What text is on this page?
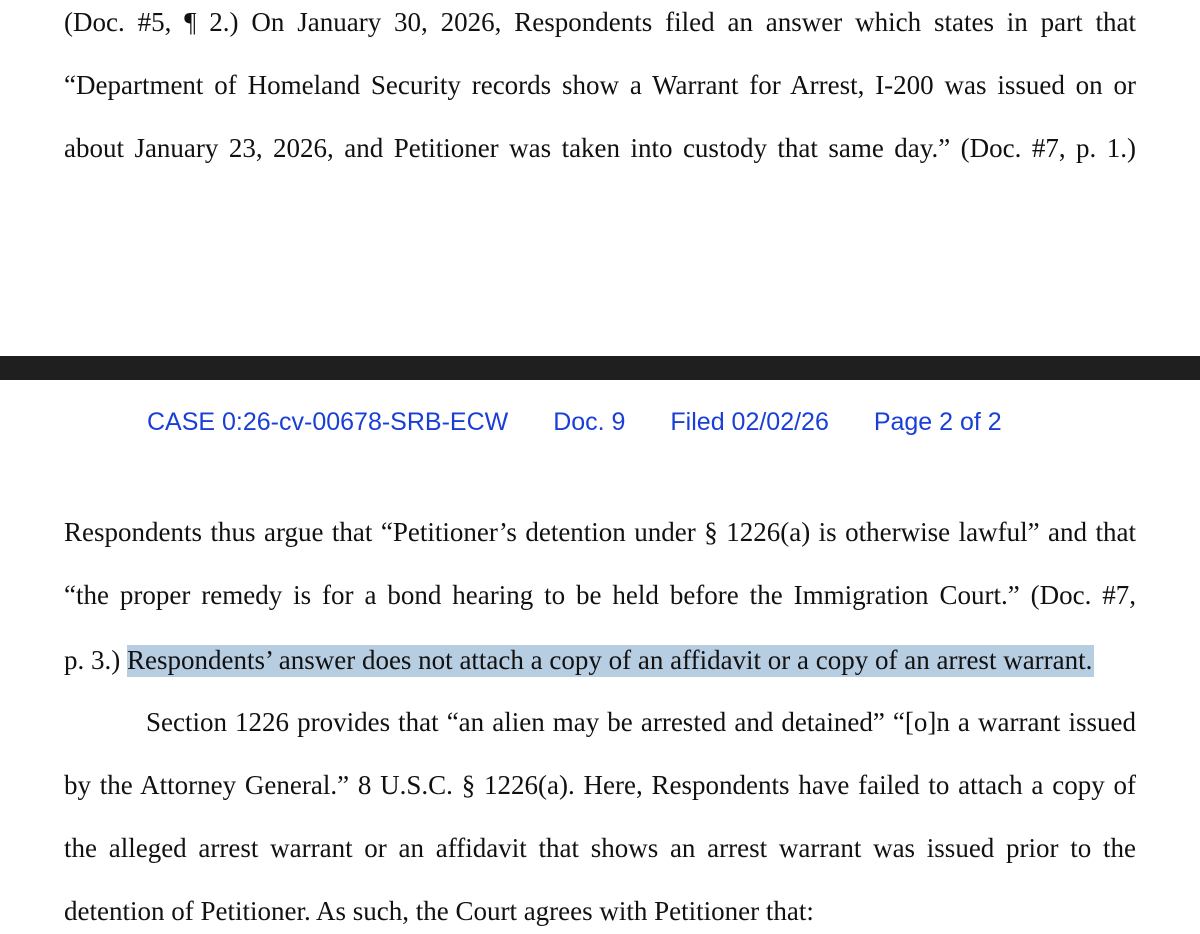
(Doc. #5, ¶ 2.) On January 30, 2026, Respondents filed an answer which states in part that
“Department of Homeland Security records show a Warrant for Arrest, I-200 was issued on or
about January 23, 2026, and Petitioner was taken into custody that same day.” (Doc. #7, p. 1.)
CASE 0:26-cv-00678-SRB-ECW Doc. 9 Filed 02/02/26 Page 2 of 2
Respondents thus argue that “Petitioner’s detention under § 1226(a) is otherwise lawful” and that
“the proper remedy is for a bond hearing to be held before the Immigration Court.” (Doc. #7,
p. 3.) Respondents’ answer does not attach a copy of an affidavit or a copy of an arrest warrant.
Section 1226 provides that “an alien may be arrested and detained” “[o]n a warrant issued
by the Attorney General.” 8 U.S.C. § 1226(a). Here, Respondents have failed to attach a copy of
the alleged arrest warrant or an affidavit that shows an arrest warrant was issued prior to the
detention of Petitioner. As such, the Court agrees with Petitioner that:
